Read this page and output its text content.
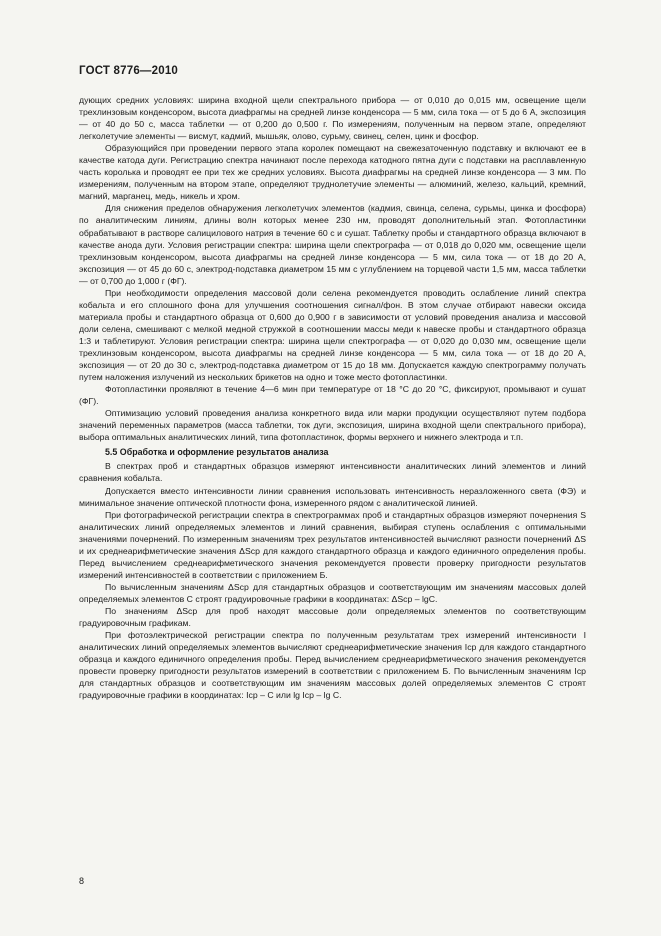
ГОСТ 8776—2010

дующих средних условиях: ширина входной щели спектрального прибора — от 0,010 до 0,015 мм, освещение щели трехлинзовым конденсором, высота диафрагмы на средней линзе конденсора — 5 мм, сила тока — от 5 до 6 А, экспозиция — от 40 до 50 с, масса таблетки — от 0,200 до 0,500 г. По измерениям, полученным на первом этапе, определяют легколетучие элементы — висмут, кадмий, мышьяк, олово, сурьму, свинец, селен, цинк и фосфор.

Образующийся при проведении первого этапа королек помещают на свежезаточенную подставку и включают ее в качестве катода дуги. Регистрацию спектра начинают после перехода катодного пятна дуги с подставки на расплавленную часть королька и проводят ее при тех же средних условиях. Высота диафрагмы на средней линзе конденсора — 3 мм. По измерениям, полученным на втором этапе, определяют труднолетучие элементы — алюминий, железо, кальций, кремний, магний, марганец, медь, никель и хром.

Для снижения пределов обнаружения легколетучих элементов (кадмия, свинца, селена, сурьмы, цинка и фосфора) по аналитическим линиям, длины волн которых менее 230 нм, проводят дополнительный этап. Фотопластинки обрабатывают в растворе салицилового натрия в течение 60 с и сушат. Таблетку пробы и стандартного образца включают в качестве анода дуги. Условия регистрации спектра: ширина щели спектрографа — от 0,018 до 0,020 мм, освещение щели трехлинзовым конденсором, высота диафрагмы на средней линзе конденсора — 5 мм, сила тока — от 18 до 20 А, экспозиция — от 45 до 60 с, электрод-подставка диаметром 15 мм с углублением на торцевой части 1,5 мм, масса таблетки — от 0,700 до 1,000 г (ФГ).

При необходимости определения массовой доли селена рекомендуется проводить ослабление линий спектра кобальта и его сплошного фона для улучшения соотношения сигнал/фон. В этом случае отбирают навески оксида материала пробы и стандартного образца от 0,600 до 0,900 г в зависимости от условий проведения анализа и массовой доли селена, смешивают с мелкой медной стружкой в соотношении массы меди к навеске пробы и стандартного образца 1:3 и таблетируют. Условия регистрации спектра: ширина щели спектрографа — от 0,020 до 0,030 мм, освещение щели трехлинзовым конденсором, высота диафрагмы на средней линзе конденсора — 5 мм, сила тока — от 18 до 20 А, экспозиция — от 20 до 30 с, электрод-подставка диаметром от 15 до 18 мм. Допускается каждую спектрограмму получать путем наложения излучений из нескольких брикетов на одно и тоже место фотопластинки.

Фотопластинки проявляют в течение 4—6 мин при температуре от 18 °С до 20 °С, фиксируют, промывают и сушат (ФГ).

Оптимизацию условий проведения анализа конкретного вида или марки продукции осуществляют путем подбора значений переменных параметров (масса таблетки, ток дуги, экспозиция, ширина входной щели спектрального прибора), выбора оптимальных аналитических линий, типа фотопластинок, формы верхнего и нижнего электрода и т.п.

5.5 Обработка и оформление результатов анализа

В спектрах проб и стандартных образцов измеряют интенсивности аналитических линий элементов и линий сравнения кобальта.

Допускается вместо интенсивности линии сравнения использовать интенсивность неразложенного света (ФЭ) и минимальное значение оптической плотности фона, измеренного рядом с аналитической линией.

При фотографической регистрации спектра в спектрограммах проб и стандартных образцов измеряют почернения S аналитических линий определяемых элементов и линий сравнения, выбирая ступень ослабления с оптимальными значениями почернений. По измеренным значениям трех результатов интенсивностей вычисляют разности почернений ΔS и их среднеарифметические значения ΔSср для каждого стандартного образца и каждого единичного определения пробы. Перед вычислением среднеарифметического значения рекомендуется провести проверку пригодности результатов измерений интенсивностей в соответствии с приложением Б.

По вычисленным значениям ΔSср для стандартных образцов и соответствующим им значениям массовых долей определяемых элементов С строят градуировочные графики в координатах: ΔSср – lgС.

По значениям ΔSср для проб находят массовые доли определяемых элементов по соответствующим градуировочным графикам.

При фотоэлектрической регистрации спектра по полученным результатам трех измерений интенсивности I аналитических линий определяемых элементов вычисляют среднеарифметические значения Iср для каждого стандартного образца и каждого единичного определения пробы. Перед вычислением среднеарифметического значения рекомендуется провести проверку пригодности результатов измерений в соответствии с приложением Б. По вычисленным значениям Iср для стандартных образцов и соответствующим им значениям массовых долей определяемых элементов С строят градуировочные графики в координатах: Iср – С или lg Iср – lg С.

8
